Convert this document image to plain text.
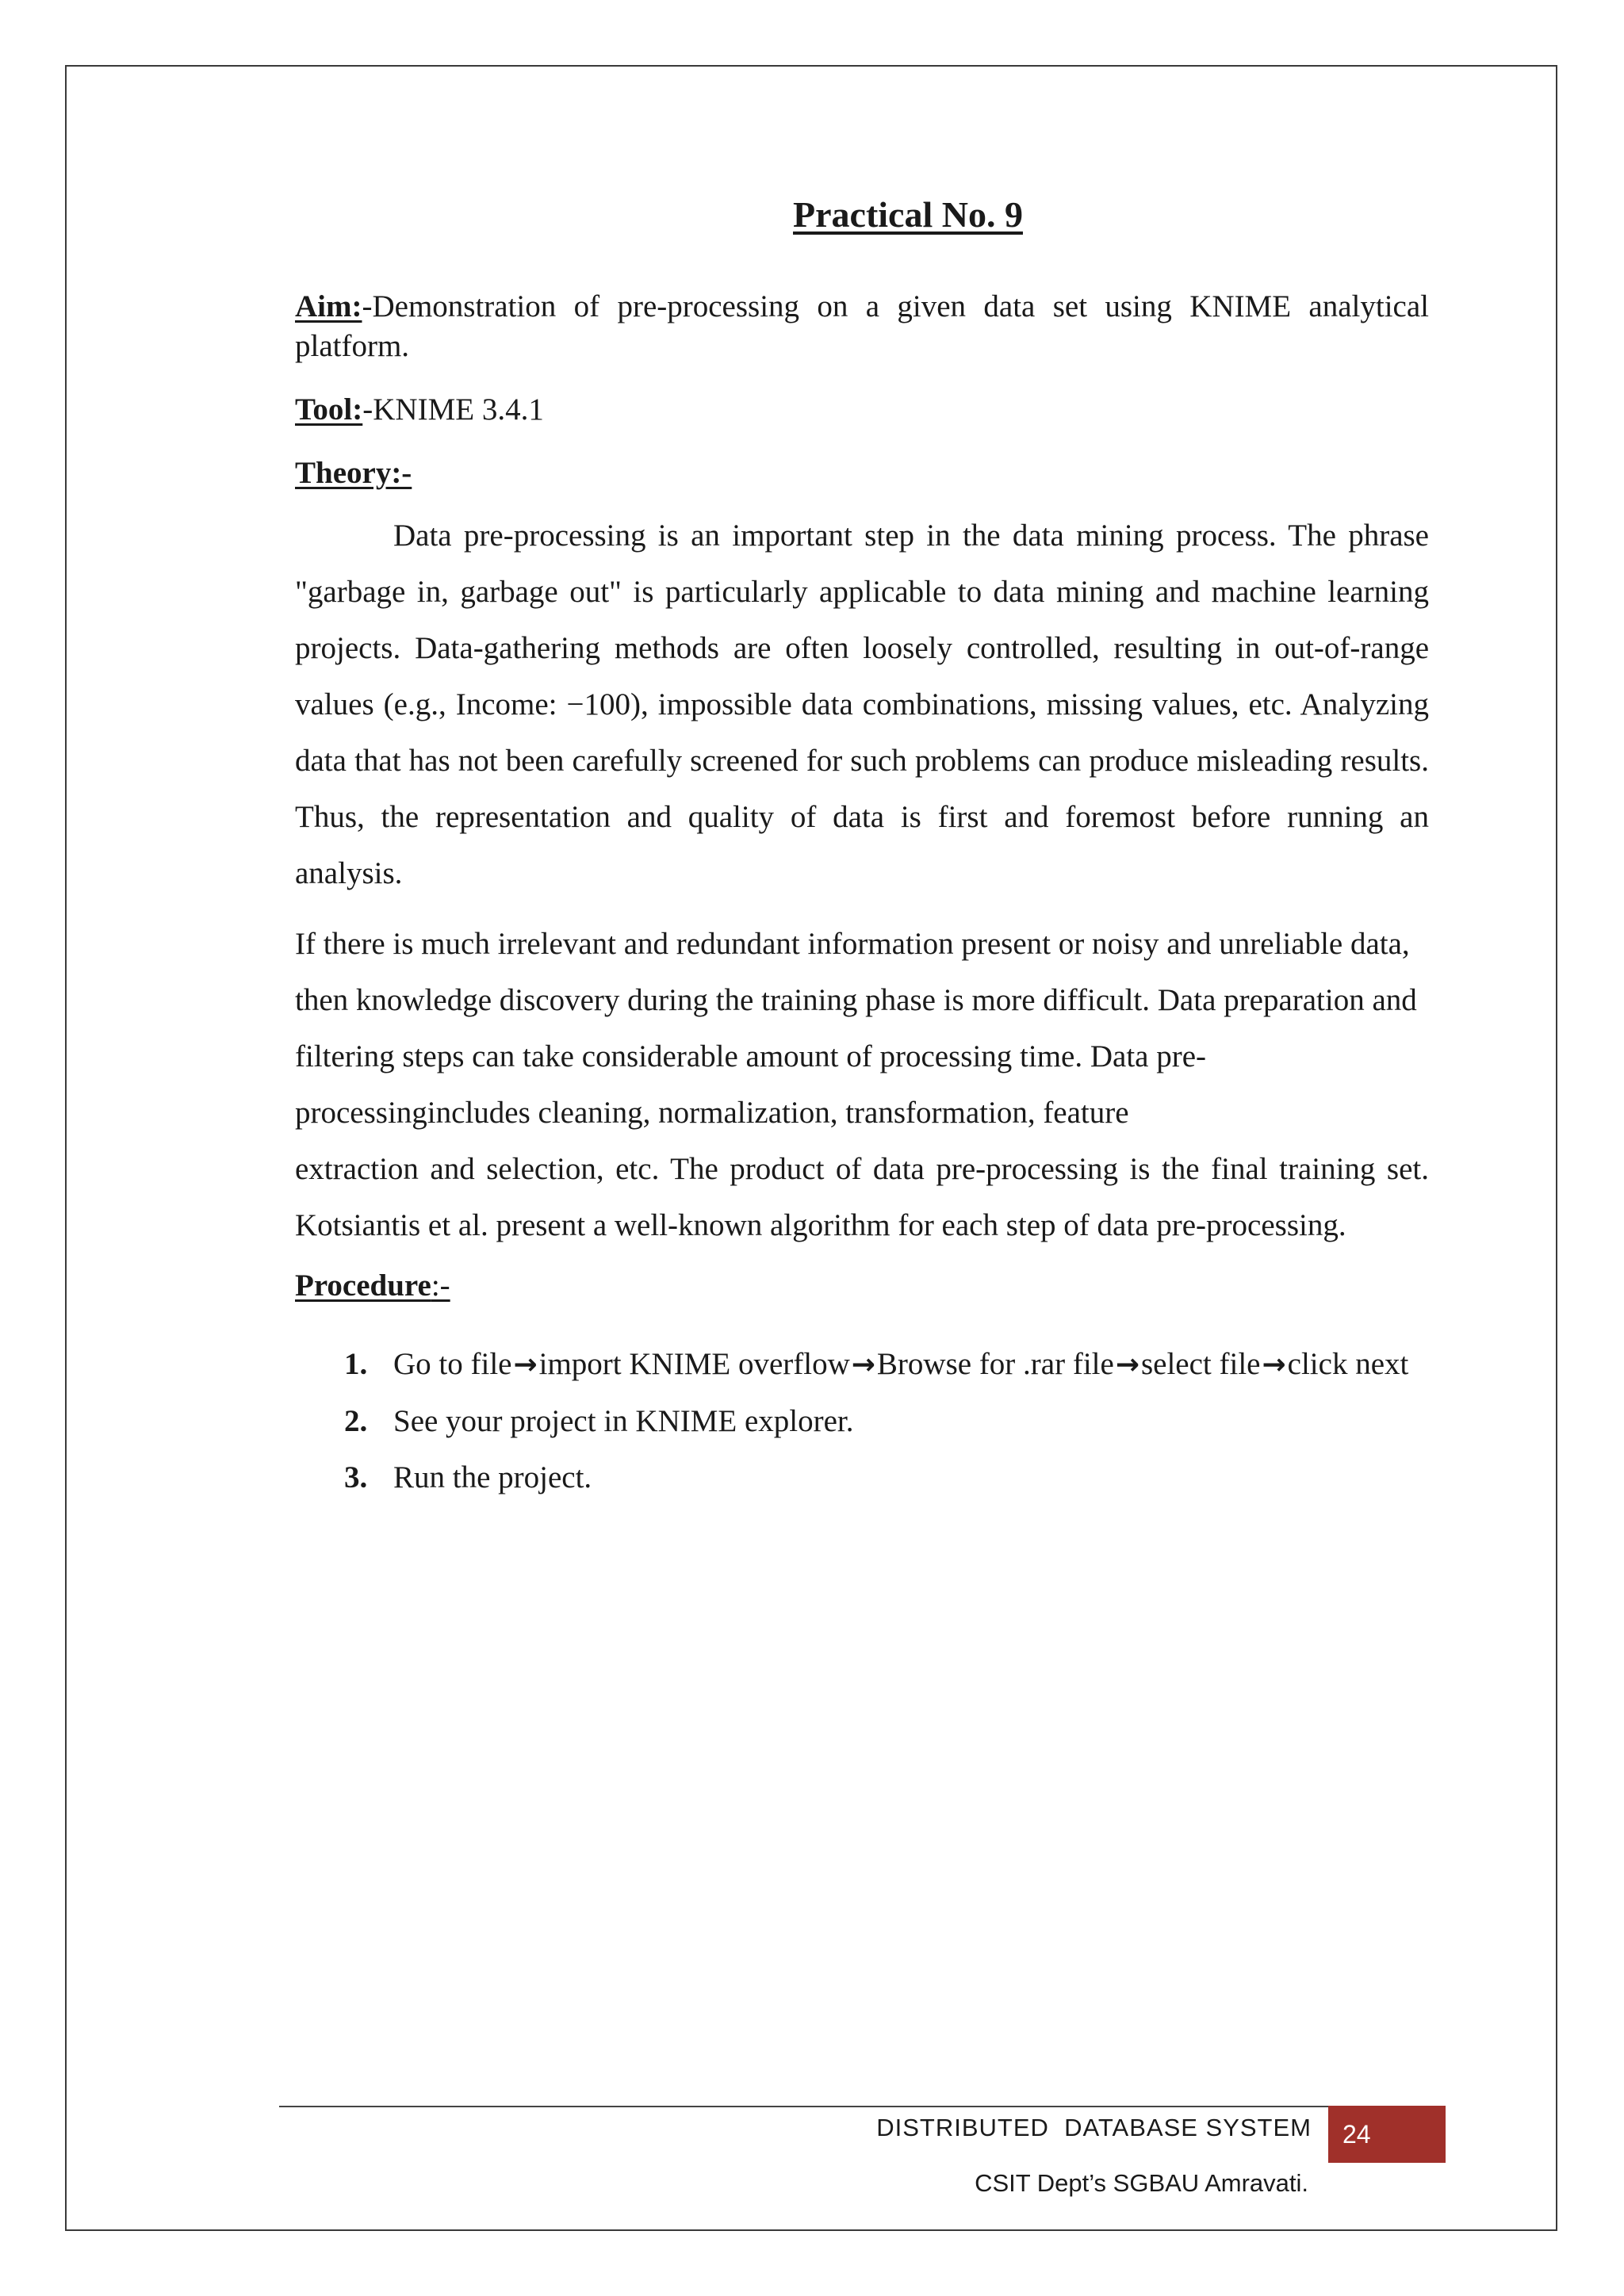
Practical No. 9

Aim:-Demonstration of pre-processing on a given data set using KNIME analytical platform.

Tool:-KNIME 3.4.1

Theory:-

Data pre-processing is an important step in the data mining process. The phrase "garbage in, garbage out" is particularly applicable to data mining and machine learning projects. Data-gathering methods are often loosely controlled, resulting in out-of-range values (e.g., Income: −100), impossible data combinations, missing values, etc. Analyzing data that has not been carefully screened for such problems can produce misleading results. Thus, the representation and quality of data is first and foremost before running an analysis.

If there is much irrelevant and redundant information present or noisy and unreliable data, then knowledge discovery during the training phase is more difficult. Data preparation and filtering steps can take considerable amount of processing time. Data pre-processingincludes cleaning, normalization, transformation, feature
extraction and selection, etc. The product of data pre-processing is the final training set. Kotsiantis et al. present a well-known algorithm for each step of data pre-processing.

Procedure:-

1. Go to file→import KNIME overflow→Browse for .rar file→select file→click next
2. See your project in KNIME explorer.
3. Run the project.
DISTRIBUTED  DATABASE SYSTEM	24
CSIT Dept’s SGBAU Amravati.
